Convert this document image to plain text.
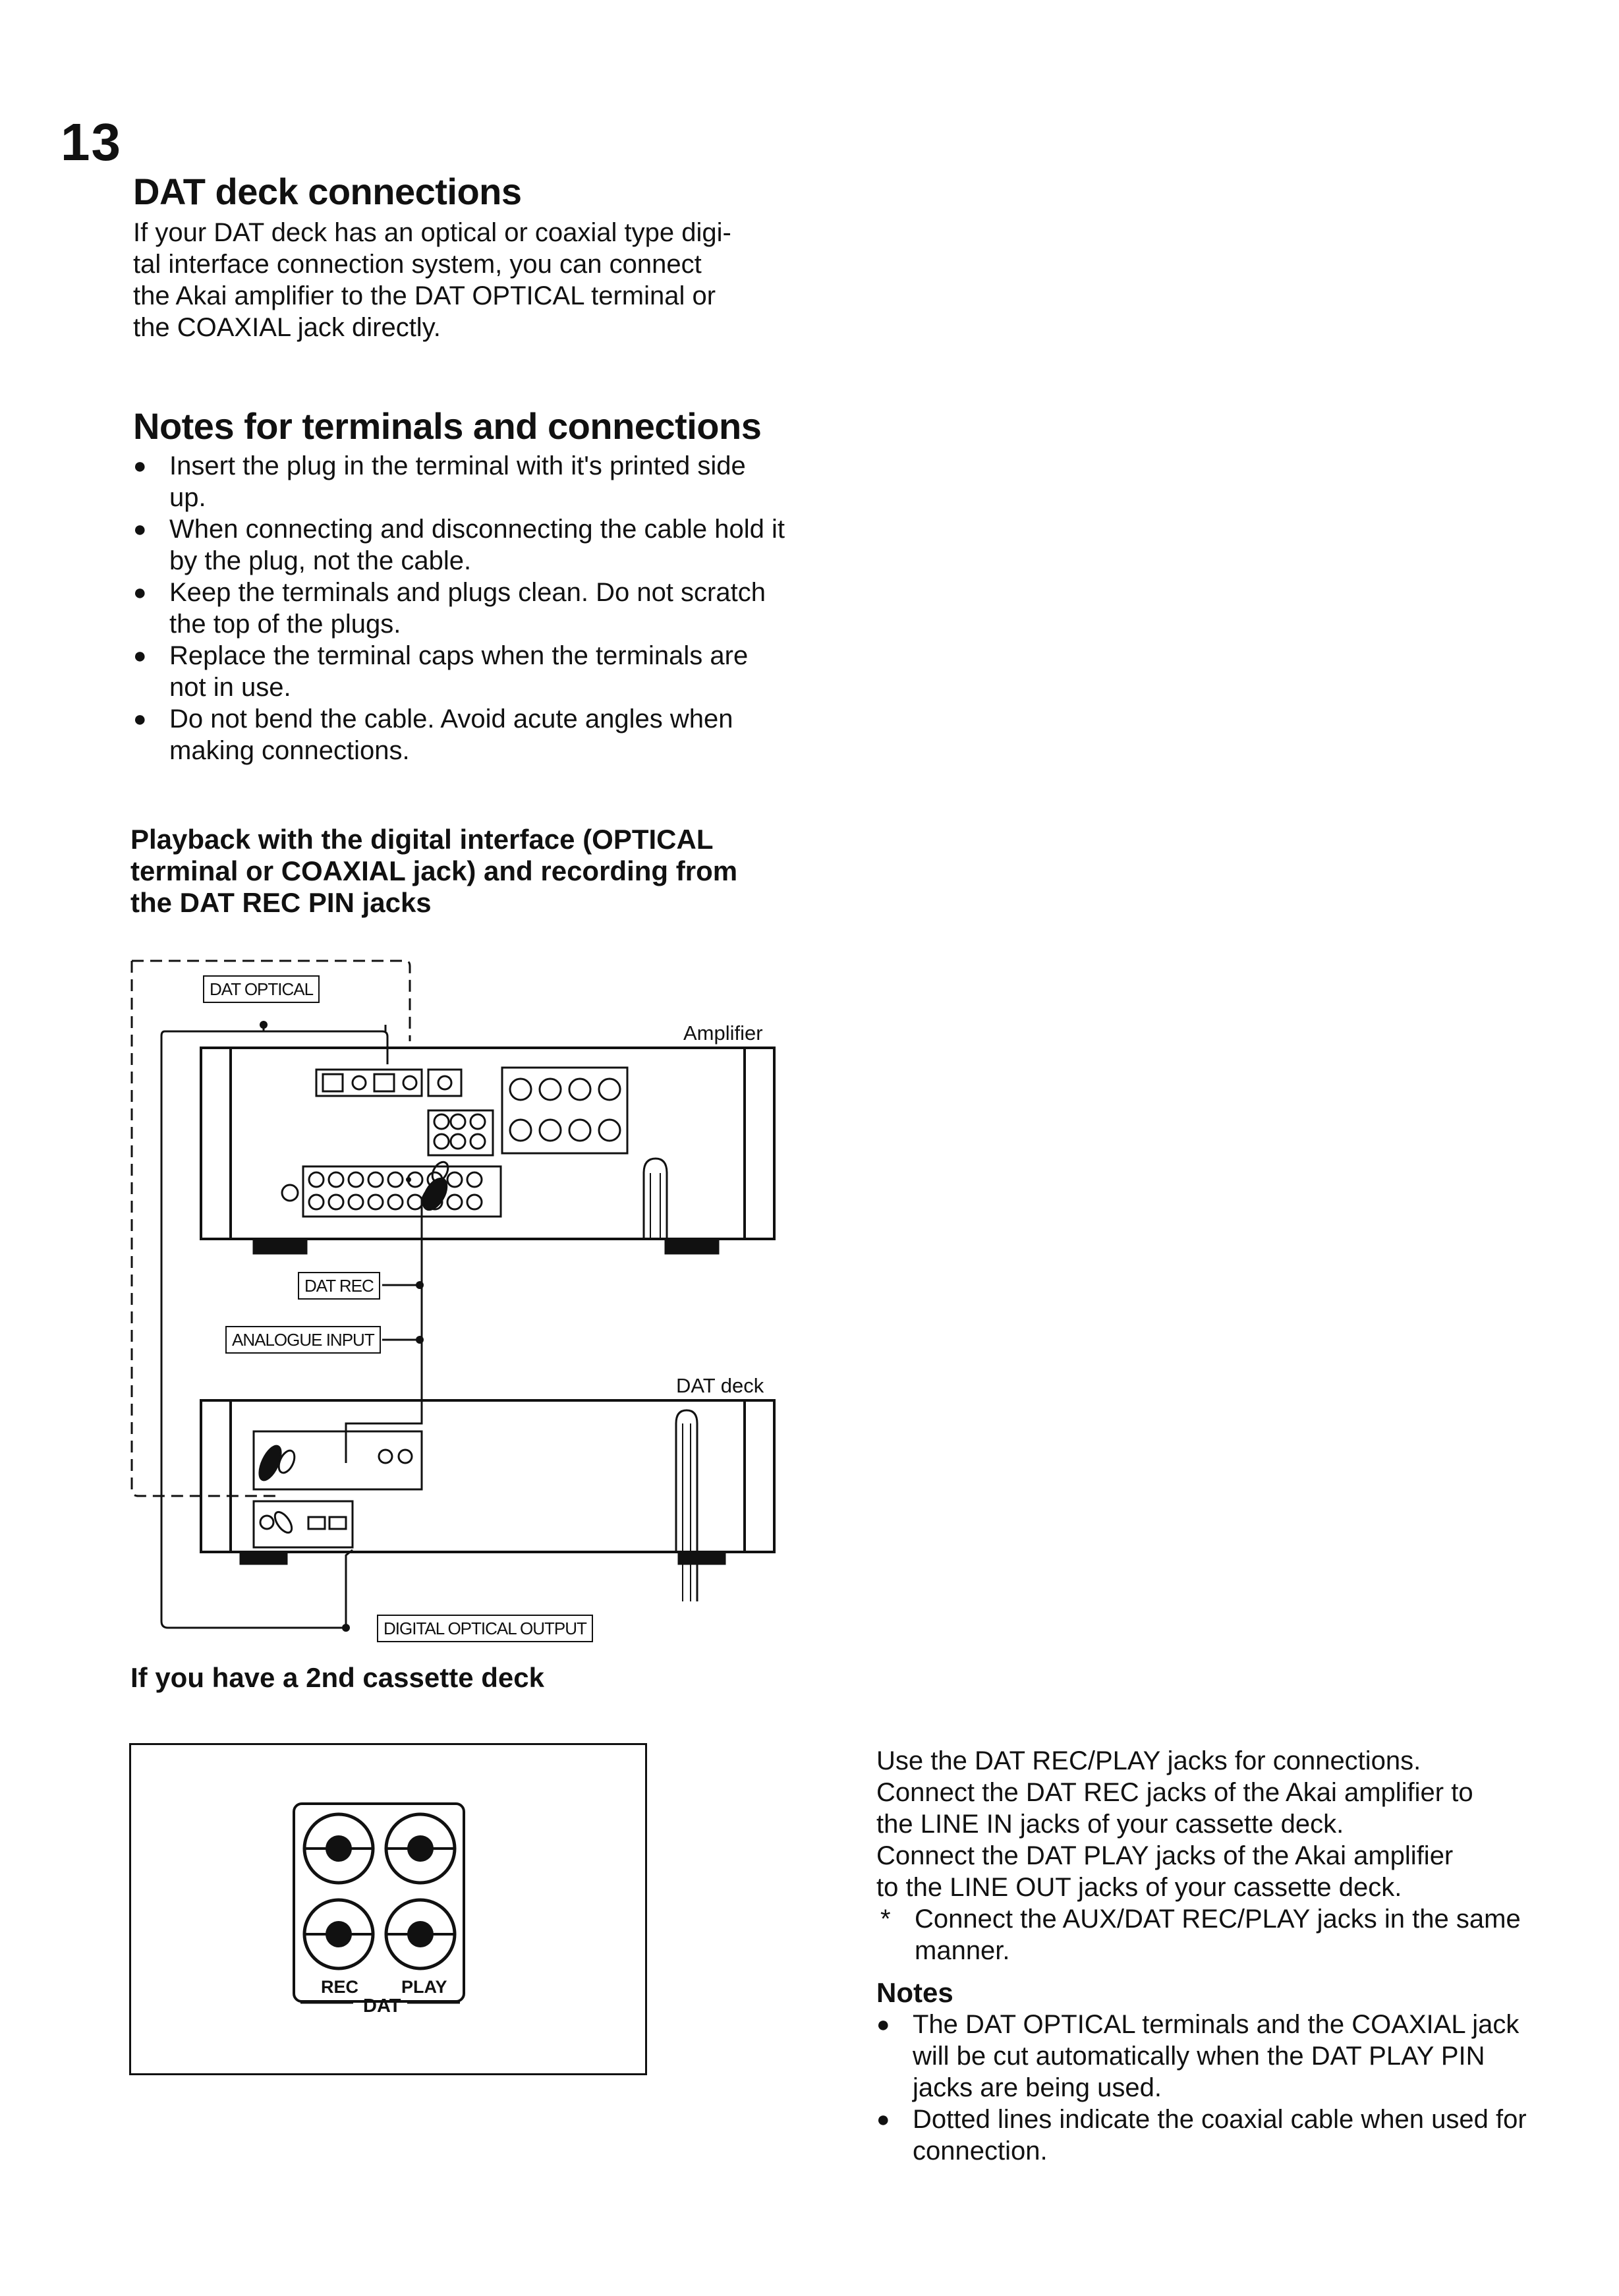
13
DAT deck connections

If your DAT deck has an optical or coaxial type digi-

tal interface connection system, you can connect

the Akai amplifier to the DAT OPTICAL terminal or

the COAXIAL jack directly.

Notes for terminals and connections
● Insert the plug in the terminal with it's printed side up.
● When connecting and disconnecting the cable hold it by the plug, not the cable.
● Keep the terminals and plugs clean. Do not scratch the top of the plugs.
● Replace the terminal caps when the terminals are not in use.
● Do not bend the cable. Avoid acute angles when making connections.

Playback with the digital interface (OPTICAL

terminal or COAXIAL jack) and recording from

the DAT REC PIN jacks

Amplifier
DAT deck
DAT OPTICAL
DAT REC
ANALOGUE INPUT
DIGITAL OPTICAL OUTPUT

If you have a 2nd cassette deck

REC PLAY
DAT

Use the DAT REC/PLAY jacks for connections.

Connect the DAT REC jacks of the Akai amplifier to

the LINE IN jacks of your cassette deck.

Connect the DAT PLAY jacks of the Akai amplifier

to the LINE OUT jacks of your cassette deck.

* Connect the AUX/DAT REC/PLAY jacks in the same manner.

Notes

● The DAT OPTICAL terminals and the COAXIAL jack will be cut automatically when the DAT PLAY PIN jacks are being used.
● Dotted lines indicate the coaxial cable when used for connection.
